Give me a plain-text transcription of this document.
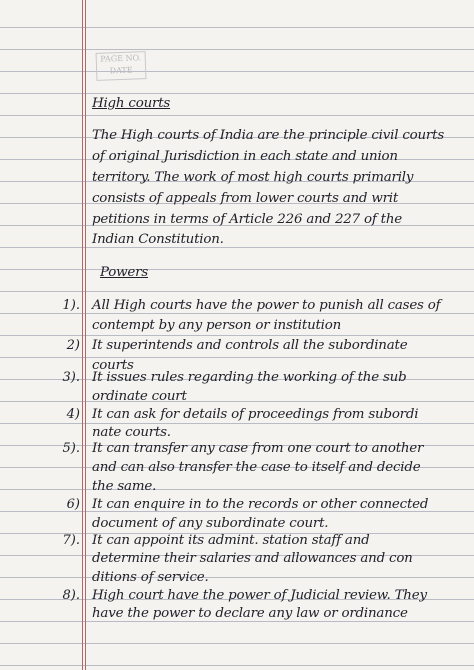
PAGE NO. DATE
High courts
The High courts of India are the principle civil courts
of original Jurisdiction in each state and union
territory. The work of most high courts primarily
consists of appeals from lower courts and writ
petitions in terms of Article 226 and 227 of the
Indian Constitution.
Powers
1). All High courts have the power to punish all cases of
contempt by any person or institution
2) It superintends and controls all the subordinate
courts
3). It issues rules regarding the working of the sub
ordinate court
4) It can ask for details of proceedings from subordi
nate courts.
5). It can transfer any case from one court to another
and can also transfer the case to itself and decide
the same.
6) It can enquire in to the records or other connected
document of any subordinate court.
7). It can appoint its admint. station staff and
determine their salaries and allowances and con
ditions of service.
8). High court have the power of Judicial review. They
have the power to declare any law or ordinance
